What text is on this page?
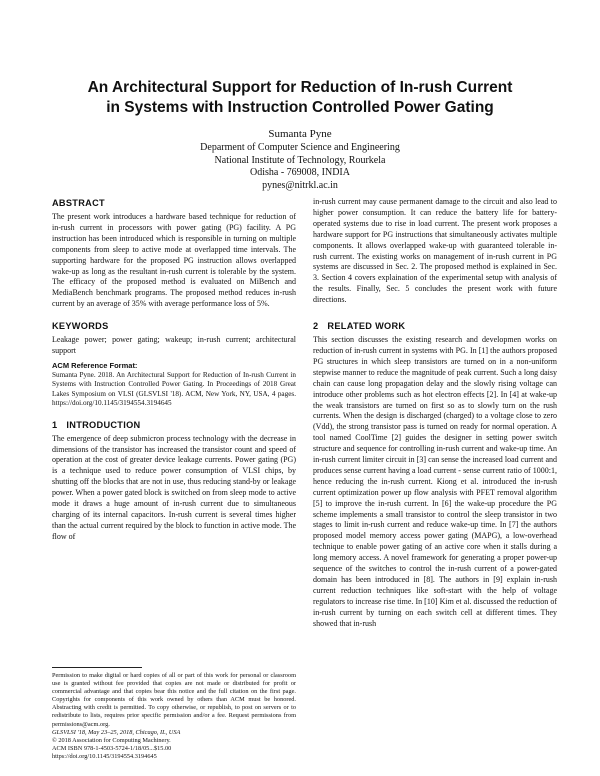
An Architectural Support for Reduction of In-rush Current
in Systems with Instruction Controlled Power Gating
Sumanta Pyne
Deparment of Computer Science and Engineering
National Institute of Technology, Rourkela
Odisha - 769008, INDIA
pynes@nitrkl.ac.in
ABSTRACT

The present work introduces a hardware based technique for reduction of in-rush current in processors with power gating (PG) facility. A PG instruction has been introduced which is responsible in turning on multiple components from sleep to active mode at overlapped time intervals. The supporting hardware for the proposed PG instruction allows overlapped wake-up as long as the resultant in-rush current is tolerable by the system. The efficacy of the proposed method is evaluated on MiBench and MediaBench benchmark programs. The proposed method reduces in-rush current by an average of 35% with average performance loss of 5%.

KEYWORDS

Leakage power; power gating; wakeup; in-rush current; architectural support

ACM Reference Format:

Sumanta Pyne. 2018. An Architectural Support for Reduction of In-rush Current in Systems with Instruction Controlled Power Gating. In Proceedings of 2018 Great Lakes Symposium on VLSI (GLSVLSI '18). ACM, New York, NY, USA, 4 pages. https://doi.org/10.1145/3194554.3194645

1 INTRODUCTION

The emergence of deep submicron process technology with the decrease in dimensions of the transistor has increased the transistor count and speed of operation at the cost of greater device leakage currents. Power gating (PG) is a technique used to reduce power consumption of VLSI chips, by shutting off the blocks that are not in use, thus reducing stand-by or leakage power. When a power gated block is switched on from sleep mode to active mode it draws a huge amount of in-rush current due to simultaneous charging of its internal capacitors. In-rush current is several times higher than the actual current required by the block to function in active mode. The flow of

Permission to make digital or hard copies of all or part of this work for personal or classroom use is granted without fee provided that copies are not made or distributed for profit or commercial advantage and that copies bear this notice and the full citation on the first page. Copyrights for components of this work owned by others than ACM must be honored. Abstracting with credit is permitted. To copy otherwise, or republish, to post on servers or to redistribute to lists, requires prior specific permission and/or a fee. Request permissions from permissions@acm.org.

GLSVLSI '18, May 23–25, 2018, Chicago, IL, USA
© 2018 Association for Computing Machinery.
ACM ISBN 978-1-4503-5724-1/18/05...$15.00
https://doi.org/10.1145/3194554.3194645

in-rush current may cause permanent damage to the circuit and also lead to higher power consumption. It can reduce the battery life for battery-operated systems due to rise in load current. The present work proposes a hardware support for PG instructions that simultaneously activates multiple components. It allows overlapped wake-up with guaranteed tolerable in-rush current. The existing works on management of in-rush current in PG systems are discussed in Sec. 2. The proposed method is explained in Sec. 3. Section 4 covers explaination of the experimental setup with analysis of the results. Finally, Sec. 5 concludes the present work with future directions.

2 RELATED WORK

This section discusses the existing research and developmen works on reduction of in-rush current in systems with PG. In [1] the authors proposed PG structures in which sleep transistors are turned on in a non-uniform stepwise manner to reduce the magnitude of peak current. Such a long daisy chain can cause long propagation delay and the slowly rising voltage can introduce other problems such as hot electron effects [2]. In [4] at wake-up the weak transistors are turned on first so as to slowly turn on the rush currents. When the design is discharged (charged) to a voltage close to zero (Vdd), the strong transistor pass is turned on ready for normal operation. A tool named CoolTime [2] guides the designer in setting power switch structure and sequence for controlling in-rush current and wake-up time. An in-rush current limiter circuit in [3] can sense the increased load current and produces sense current having a load current - sense current ratio of 1000:1, hence reducing the in-rush current. Kiong et al. introduced the in-rush current optimization power up flow analysis with PFET removal algorithm [5] to improve the in-rush current. In [6] the wake-up procedure the PG scheme implements a small transistor to control the sleep transistor in two stages to limit in-rush current and reduce wake-up time. In [7] the authors proposed model memory access power gating (MAPG), a low-overhead technique to enable power gating of an active core when it stalls during a long memory access. A novel framework for generating a proper power-up sequence of the switches to control the in-rush current of a power-gated domain has been introduced in [8]. The authors in [9] explain in-rush current reduction techniques like soft-start with the help of voltage regulators to increase rise time. In [10] Kim et al. discussed the reduction of in-rush current by turning on each switch cell at different times. They showed that in-rush
